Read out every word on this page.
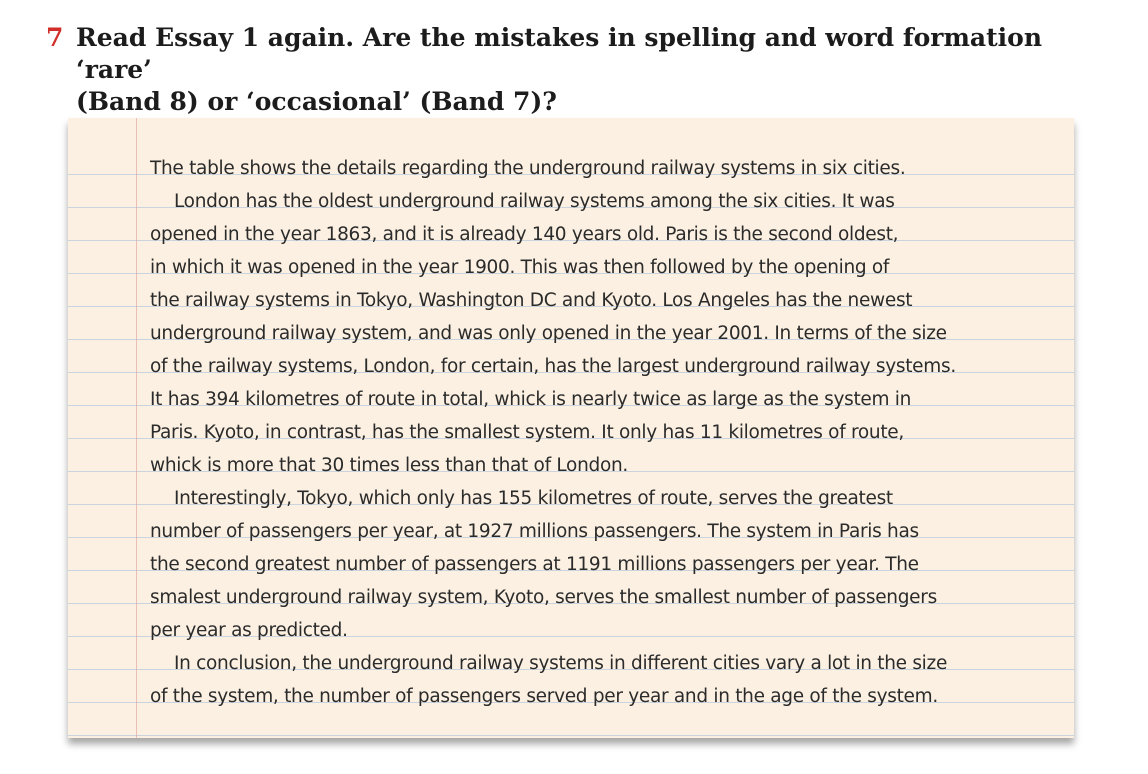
7 Read Essay 1 again. Are the mistakes in spelling and word formation ‘rare’
(Band 8) or ‘occasional’ (Band 7)?
The table shows the details regarding the underground railway systems in six cities.
London has the oldest underground railway systems among the six cities. It was
opened in the year 1863, and it is already 140 years old. Paris is the second oldest,
in which it was opened in the year 1900. This was then followed by the opening of
the railway systems in Tokyo, Washington DC and Kyoto. Los Angeles has the newest
underground railway system, and was only opened in the year 2001. In terms of the size
of the railway systems, London, for certain, has the largest underground railway systems.
It has 394 kilometres of route in total, whick is nearly twice as large as the system in
Paris. Kyoto, in contrast, has the smallest system. It only has 11 kilometres of route,
whick is more that 30 times less than that of London.
Interestingly, Tokyo, which only has 155 kilometres of route, serves the greatest
number of passengers per year, at 1927 millions passengers. The system in Paris has
the second greatest number of passengers at 1191 millions passengers per year. The
smalest underground railway system, Kyoto, serves the smallest number of passengers
per year as predicted.
In conclusion, the underground railway systems in different cities vary a lot in the size
of the system, the number of passengers served per year and in the age of the system.
